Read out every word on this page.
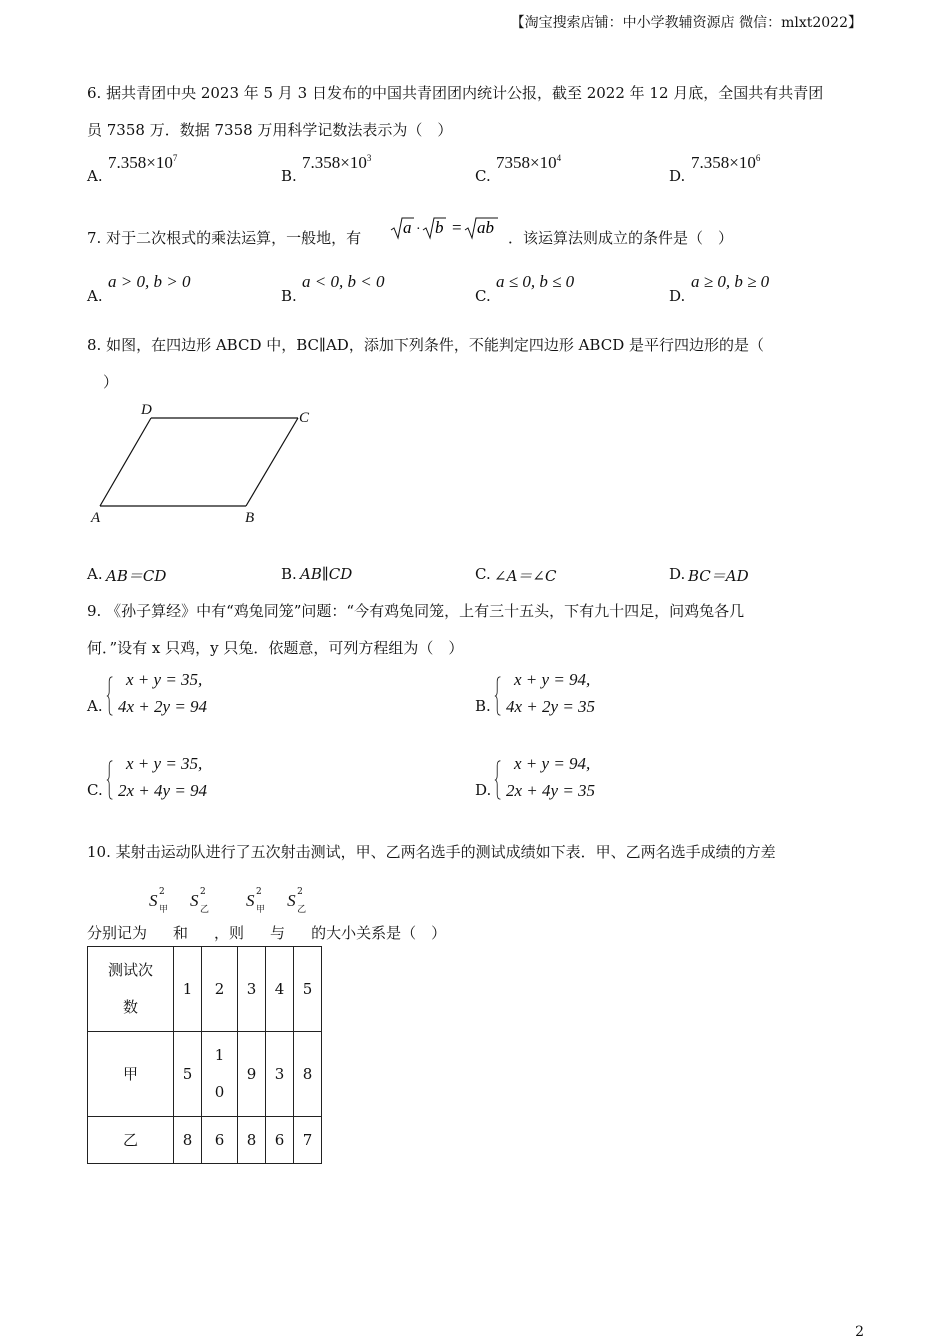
【淘宝搜索店铺：中小学教辅资源店 微信：mlxt2022】
6. 据共青团中央 2023 年 5 月 3 日发布的中国共青团团内统计公报，截至 2022 年 12 月底，全国共有共青团
员 7358 万．数据 7358 万用科学记数法表示为（　）
A.
$7.358\times 10^7$
B.
$7.358\times 10^3$
C.
$7358\times 10^4$
D.
$7.358\times 10^6$
7. 对于二次根式的乘法运算，一般地，有
a · b = ab
．该运算法则成立的条件是（　）
A.
a > 0, b > 0
B.
a < 0, b < 0
C.
a ≤ 0, b ≤ 0
D.
a ≥ 0, b ≥ 0
8. 如图，在四边形 ABCD 中，BC∥AD，添加下列条件，不能判定四边形 ABCD 是平行四边形的是（
）
A	B
C
D
A. AB＝CD	B. AB∥CD	C. ∠A＝∠C	D. BC＝AD
9. 《孙子算经》中有“鸡兔同笼”问题：“今有鸡兔同笼，上有三十五头，下有九十四足，问鸡兔各几
何．”设有 x 只鸡，y 只兔．依题意，可列方程组为（　）
A.
x + y = 35,
4x + 2y = 94	B.
x + y = 94,
4x + 2y = 35
C.
x + y = 35,
2x + 4y = 94	D.
x + y = 94,
2x + 4y = 35
10. 某射击运动队进行了五次射击测试，甲、乙两名选手的测试成绩如下表．甲、乙两名选手成绩的方差
分别记为
S 2
甲
和
S 2
乙
，则
S 2
甲
与
S 2
乙
的大小关系是（　）
测试次数	1	2	3	4	5
甲	5	10	9	3	8
乙	8	6	8	6	7
2
